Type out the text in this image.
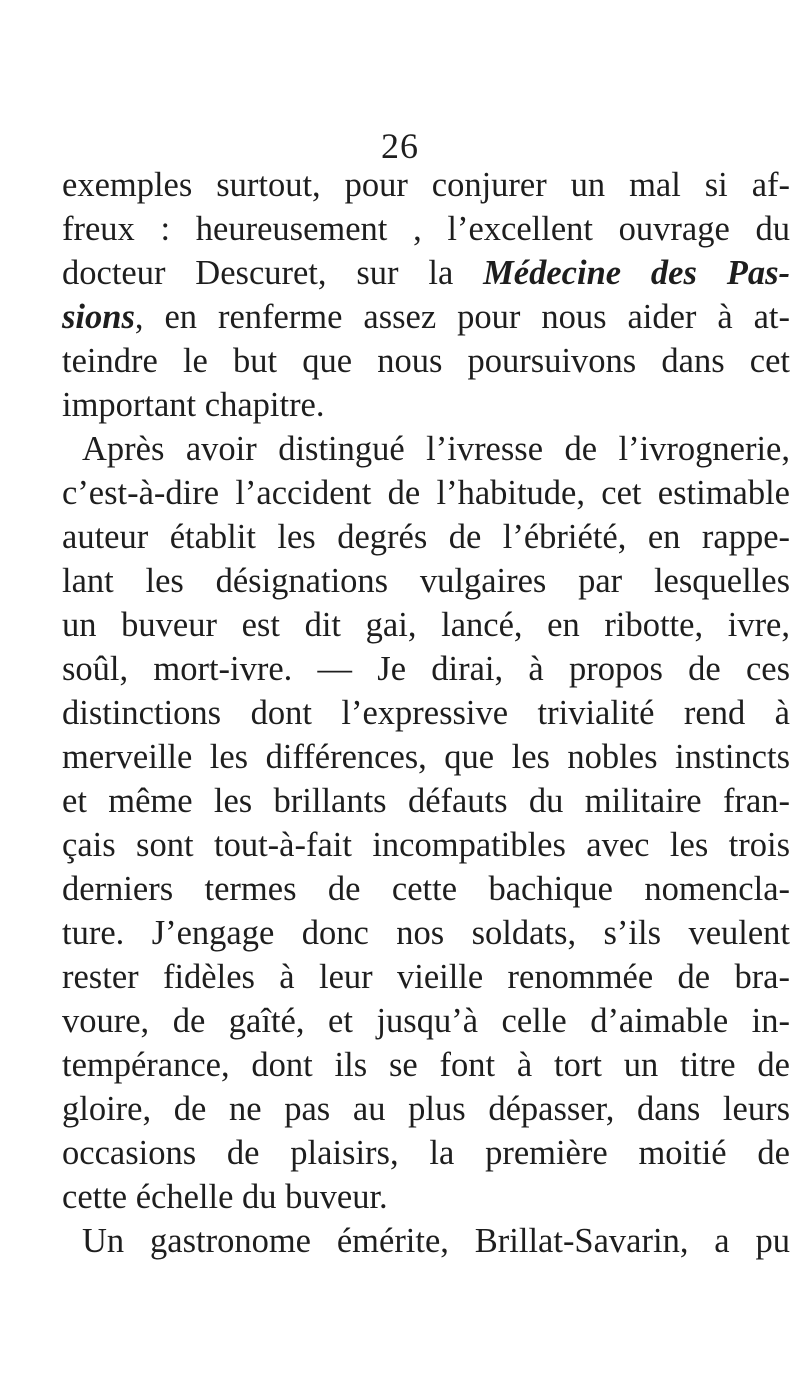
26
exemples surtout, pour conjurer un mal si af-
freux : heureusement , l’excellent ouvrage du
docteur Descuret, sur la Médecine des Pas-
sions, en renferme assez pour nous aider à at-
teindre le but que nous poursuivons dans cet
important chapitre.
Après avoir distingué l’ivresse de l’ivrognerie,
c’est-à-dire l’accident de l’habitude, cet estimable
auteur établit les degrés de l’ébriété, en rappe-
lant les désignations vulgaires par lesquelles
un buveur est dit gai, lancé, en ribotte, ivre,
soûl, mort-ivre. — Je dirai, à propos de ces
distinctions dont l’expressive trivialité rend à
merveille les différences, que les nobles instincts
et même les brillants défauts du militaire fran-
çais sont tout-à-fait incompatibles avec les trois
derniers termes de cette bachique nomencla-
ture. J’engage donc nos soldats, s’ils veulent
rester fidèles à leur vieille renommée de bra-
voure, de gaîté, et jusqu’à celle d’aimable in-
tempérance, dont ils se font à tort un titre de
gloire, de ne pas au plus dépasser, dans leurs
occasions de plaisirs, la première moitié de
cette échelle du buveur.
Un gastronome émérite, Brillat-Savarin, a pu
